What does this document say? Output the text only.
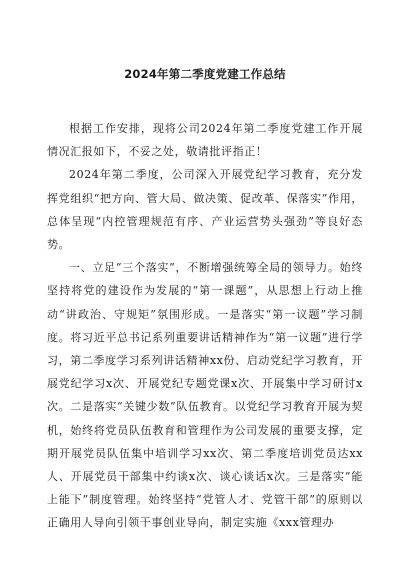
2024年第二季度党建工作总结

根据工作安排，现将公司2024年第二季度党建工作开展情况汇报如下，不妥之处，敬请批评指正！

2024年第二季度，公司深入开展党纪学习教育，充分发挥党组织“把方向、管大局、做决策、促改革、保落实”作用，总体呈现“内控管理规范有序、产业运营势头强劲”等良好态势。

一、立足“三个落实”，不断增强统筹全局的领导力。始终坚持将党的建设作为发展的“第一课题”，从思想上行动上推动“讲政治、守规矩”氛围形成。一是落实“第一议题”学习制度。将习近平总书记系列重要讲话精神作为“第一议题”进行学习，第二季度学习系列讲话精神xx份、启动党纪学习教育，开展党纪学习x次、开展党纪专题党课x次、开展集中学习研讨x次。二是落实“关键少数”队伍教育。以党纪学习教育开展为契机，始终将党员队伍教育和管理作为公司发展的重要支撑，定期开展党员队伍集中培训学习xx次、第二季度培训党员达xx人、开展党员干部集中约谈x次、谈心谈话x次。三是落实“能上能下”制度管理。始终坚持“党管人才、党管干部”的原则以正确用人导向引领干事创业导向，制定实施《xxx管理办
